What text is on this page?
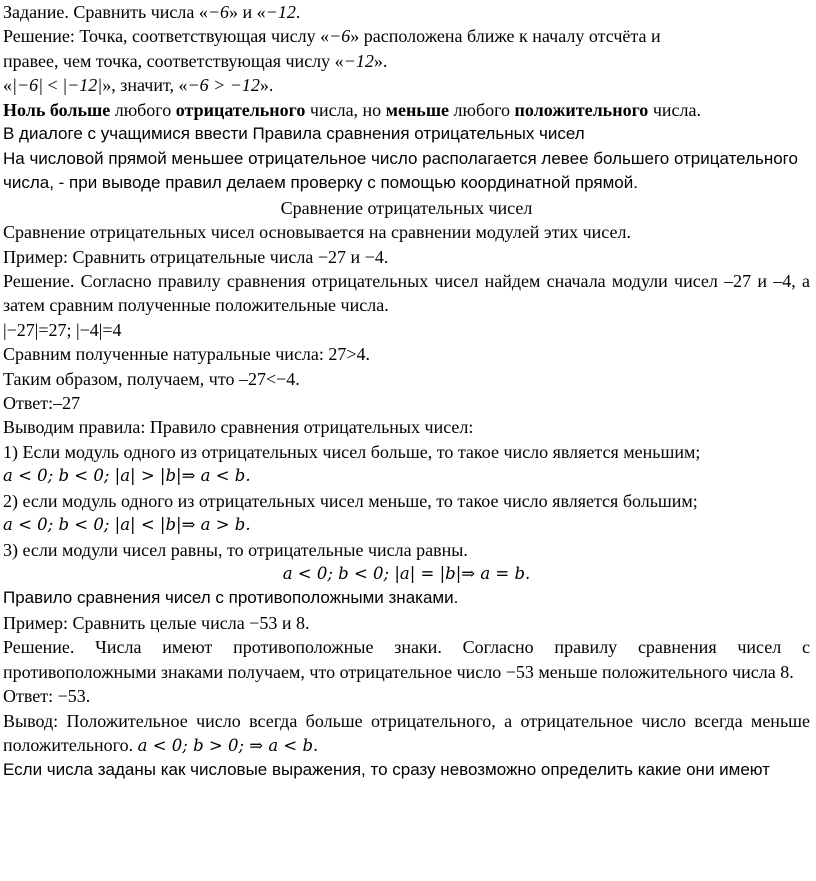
Задание. Сравнить числа «−6» и «−12.

Решение: Точка, соответствующая числу «−6» расположена ближе к началу отсчёта и

правее, чем точка, соответствующая числу «−12».

«|−6| < |−12|», значит, «−6 > −12».

Ноль больше любого отрицательного числа, но меньше любого положительного числа.

В диалоге с учащимися ввести Правила сравнения отрицательных чисел

На числовой прямой меньшее отрицательное число располагается левее большего отрицательного числа, - при выводе правил делаем проверку с помощью координатной прямой.

Сравнение отрицательных чисел

Сравнение отрицательных чисел основывается на сравнении модулей этих чисел.

Пример: Сравнить отрицательные числа −27 и −4.

Решение. Согласно правилу сравнения отрицательных чисел найдем сначала модули чисел –27 и –4, а затем сравним полученные положительные числа.

|−27|=27; |−4|=4

Сравним полученные натуральные числа: 27>4.

Таким образом, получаем, что –27<−4.

Ответ:–27

Выводим правила: Правило сравнения отрицательных чисел:

1) Если модуль одного из отрицательных чисел больше, то такое число является меньшим;

a < 0; b < 0; |a| > |b|⇒ a < b.

2) если модуль одного из отрицательных чисел меньше, то такое число является большим;

a < 0; b < 0; |a| < |b|⇒ a > b.

3) если модули чисел равны, то отрицательные числа равны.

a < 0; b < 0; |a| = |b|⇒ a = b.

Правило сравнения чисел с противоположными знаками.

Пример: Сравнить целые числа −53 и 8.

Решение. Числа имеют противоположные знаки. Согласно правилу сравнения чисел с противоположными знаками получаем, что отрицательное число −53 меньше положительного числа 8.

Ответ: −53.

Вывод: Положительное число всегда больше отрицательного, а отрицательное число всегда меньше положительного. a < 0; b > 0; ⇒ a < b.

Если числа заданы как числовые выражения, то сразу невозможно определить какие они имеют
